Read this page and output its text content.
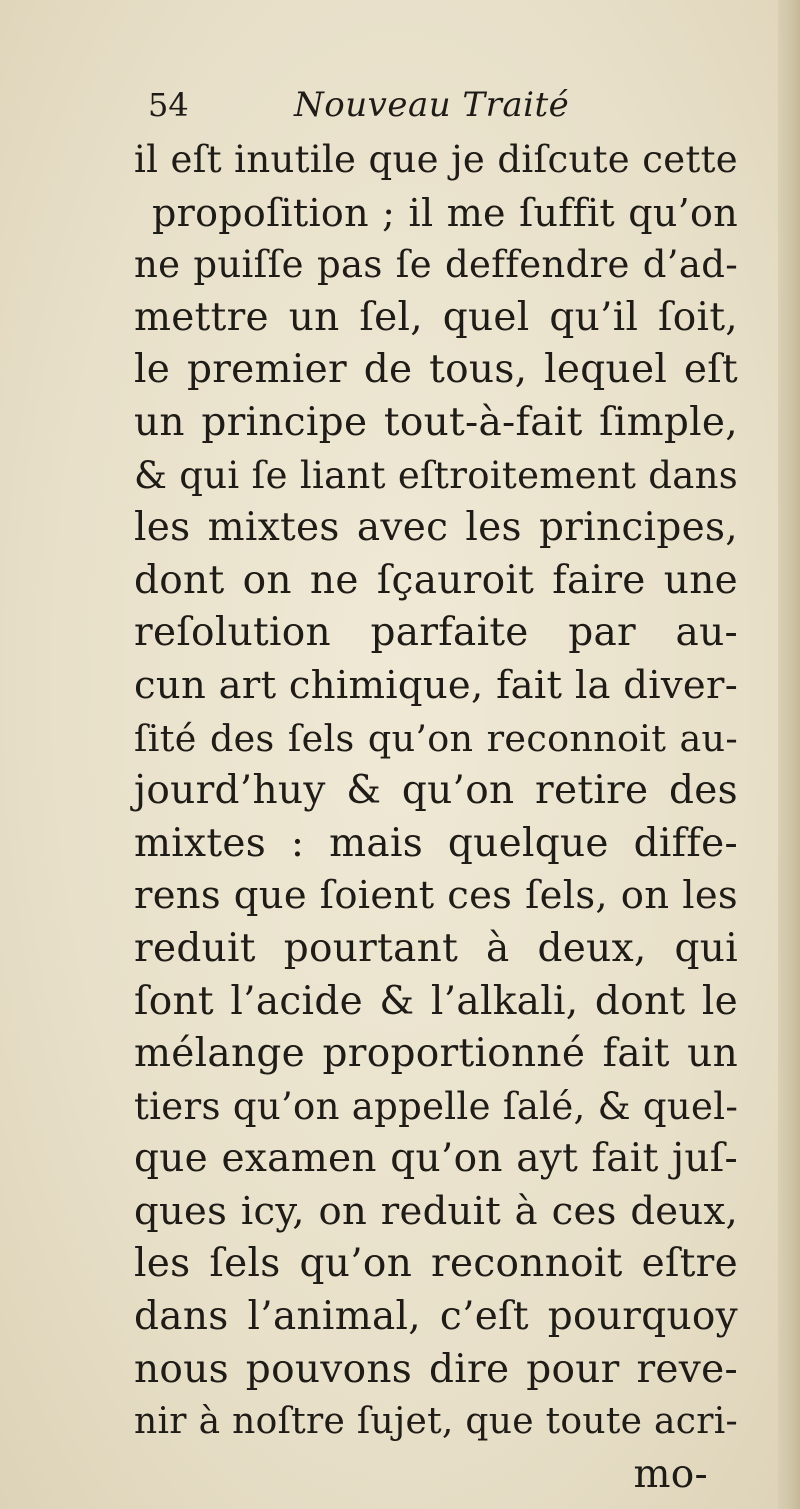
54	Nouveau Traité
il eſt inutile que je diſcute cette
propoſition ; il me ſuffit qu’on
ne puiſſe pas ſe deffendre d’ad-
mettre un ſel, quel qu’il ſoit,
le premier de tous, lequel eſt
un principe tout-à-fait ſimple,
& qui ſe liant eſtroitement dans
les mixtes avec les principes,
dont on ne ſçauroit faire une
reſolution parfaite par au-
cun art chimique, fait la diver-
ſité des ſels qu’on reconnoit au-
jourd’huy & qu’on retire des
mixtes : mais quelque diffe-
rens que ſoient ces ſels, on les
reduit pourtant à deux, qui
ſont l’acide & l’alkali, dont le
mélange proportionné fait un
tiers qu’on appelle ſalé, & quel-
que examen qu’on ayt fait juſ-
ques icy, on reduit à ces deux,
les ſels qu’on reconnoit eſtre
dans l’animal, c’eſt pourquoy
nous pouvons dire pour reve-
nir à noſtre ſujet, que toute acri-
mo-
